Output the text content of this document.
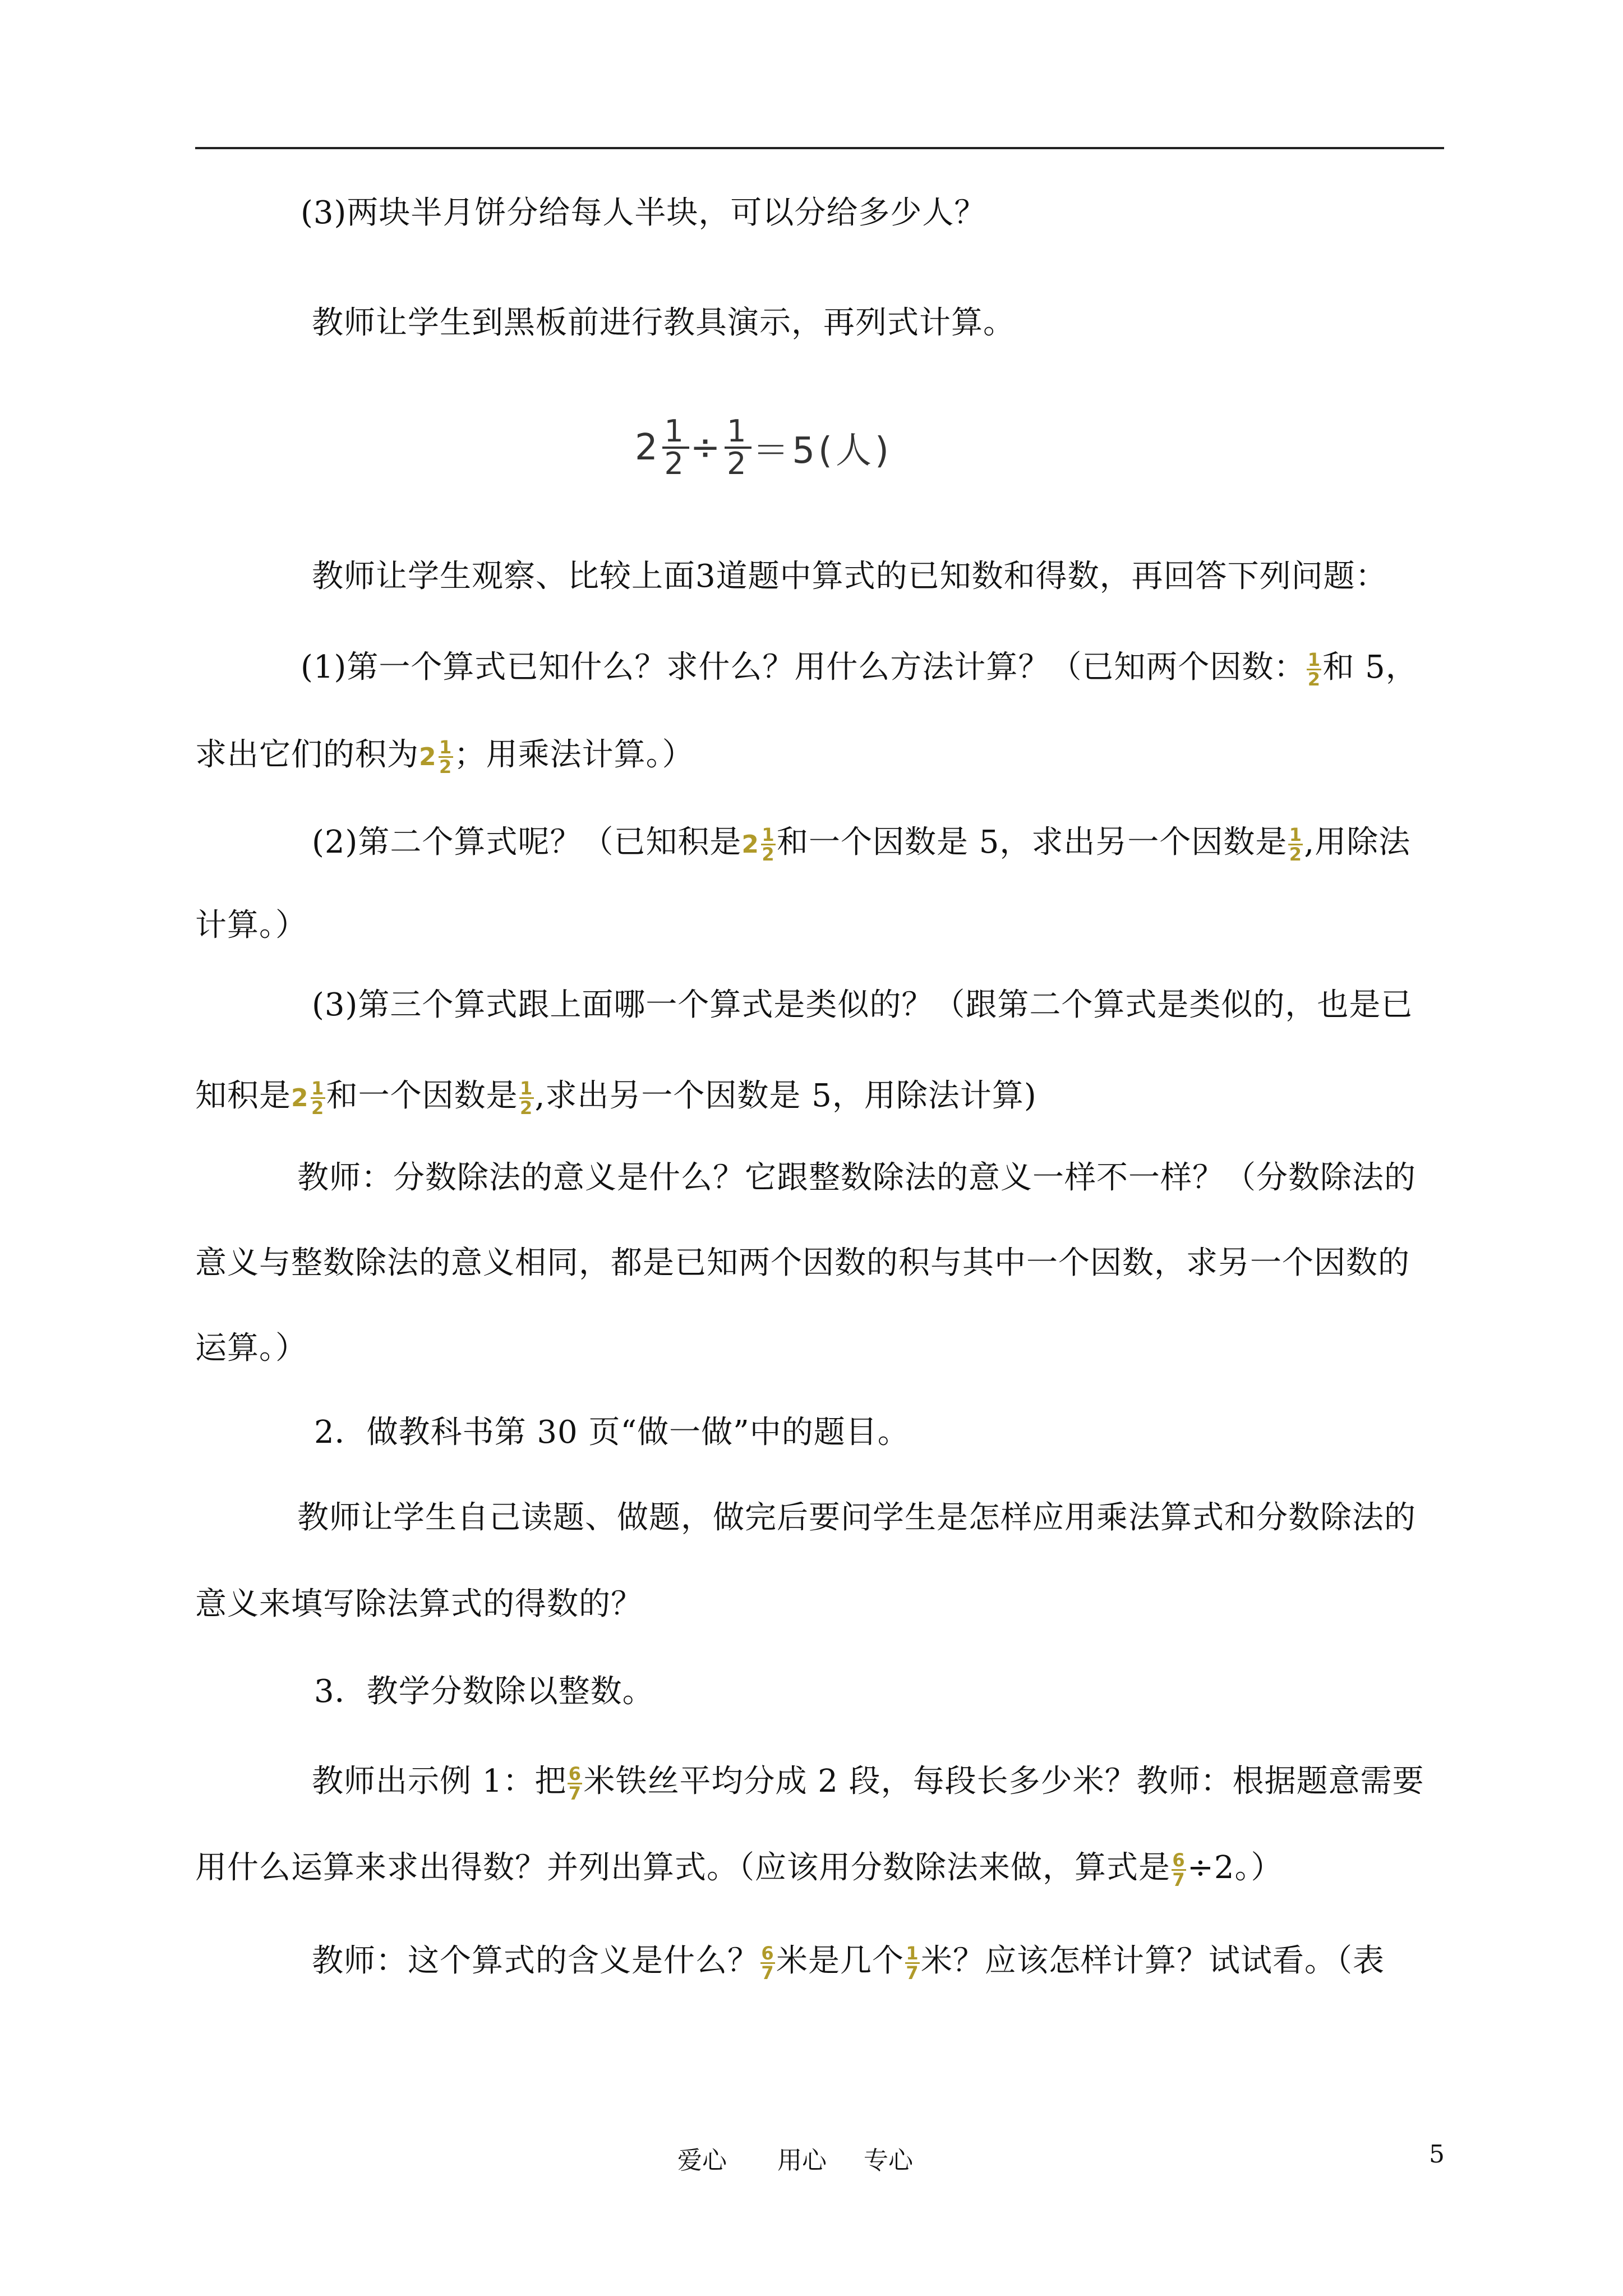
(3)两块半月饼分给每人半块，可以分给多少人？
教师让学生到黑板前进行教具演示，再列式计算。
2 1
2 ÷ 1
2 ＝5(人)
教师让学生观察、比较上面3道题中算式的已知数和得数，再回答下列问题：
(1)第一个算式已知什么？求什么？用什么方法计算？（已知两个因数： $\frac{1}{2}$ 和 5，
求出它们的积为 2 1
2 ；用乘法计算。）
(2)第二个算式呢？（已知积是 2 1
2 和一个因数是 5，求出另一个因数是 $\frac{1}{2}$ ,用除法
计算。）
(3)第三个算式跟上面哪一个算式是类似的？（跟第二个算式是类似的，也是已
知积是 2 1
2 和一个因数是 $\frac{1}{2}$ ,求出另一个因数是 5，用除法计算)
教师：分数除法的意义是什么？它跟整数除法的意义一样不一样？（分数除法的
意义与整数除法的意义相同，都是已知两个因数的积与其中一个因数，求另一个因数的
运算。）
2．做教科书第 30 页“做一做”中的题目。
教师让学生自己读题、做题，做完后要问学生是怎样应用乘法算式和分数除法的
意义来填写除法算式的得数的？
3．教学分数除以整数。
教师出示例 1：把 $\frac{6}{7}$ 米铁丝平均分成 2 段，每段长多少米？教师：根据题意需要
用什么运算来求出得数？并列出算式。（应该用分数除法来做，算式是 $\frac{6}{7} \div 2$。）
教师：这个算式的含义是什么？ $\frac{6}{7}$ 米是几个 $\frac{1}{7}$ 米？应该怎样计算？试试看。（表
爱心 用心 专心	5
